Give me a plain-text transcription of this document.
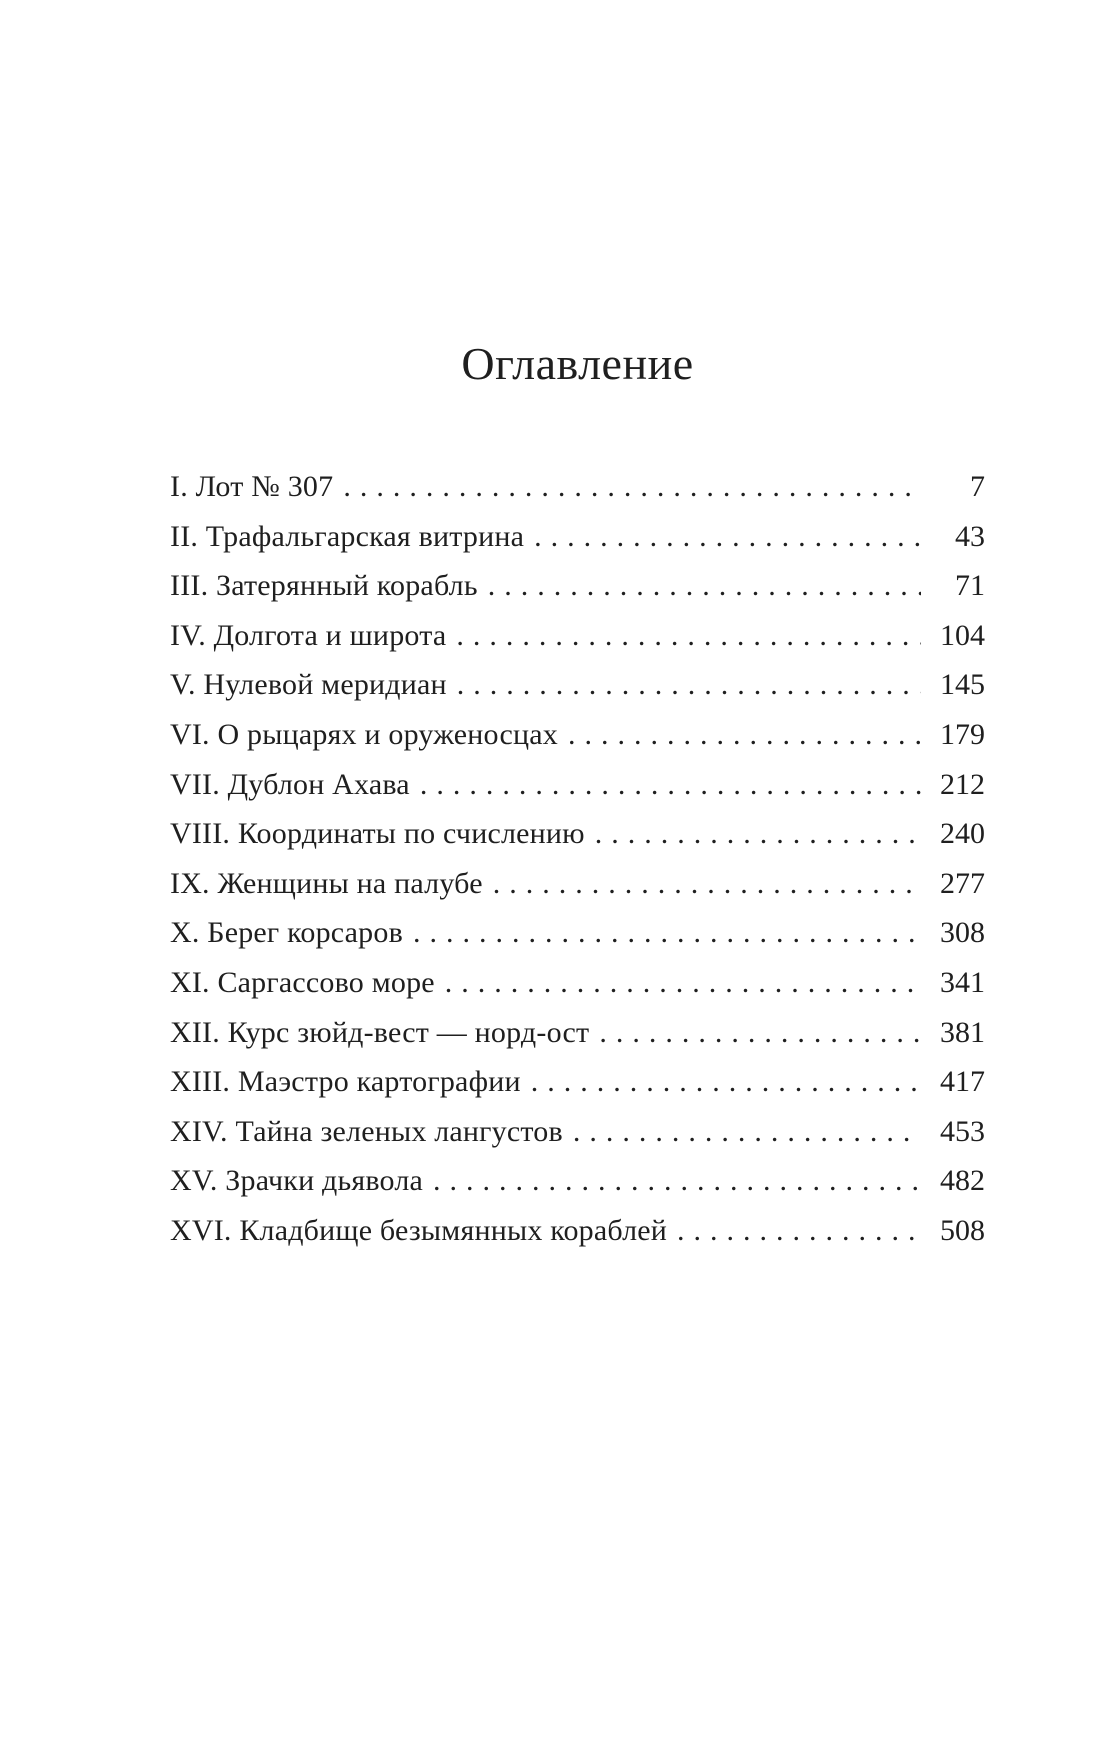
Оглавление
I. Лот № 307 .....	7
II. Трафальгарская витрина .....	43
III. Затерянный корабль .....	71
IV. Долгота и широта .....	104
V. Нулевой меридиан .....	145
VI. О рыцарях и оруженосцах .....	179
VII. Дублон Ахава .....	212
VIII. Координаты по счислению .....	240
IX. Женщины на палубе .....	277
X. Берег корсаров .....	308
XI. Саргассово море .....	341
XII. Курс зюйд-вест — норд-ост .....	381
XIII. Маэстро картографии .....	417
XIV. Тайна зеленых лангустов .....	453
XV. Зрачки дьявола .....	482
XVI. Кладбище безымянных кораблей .....	508
